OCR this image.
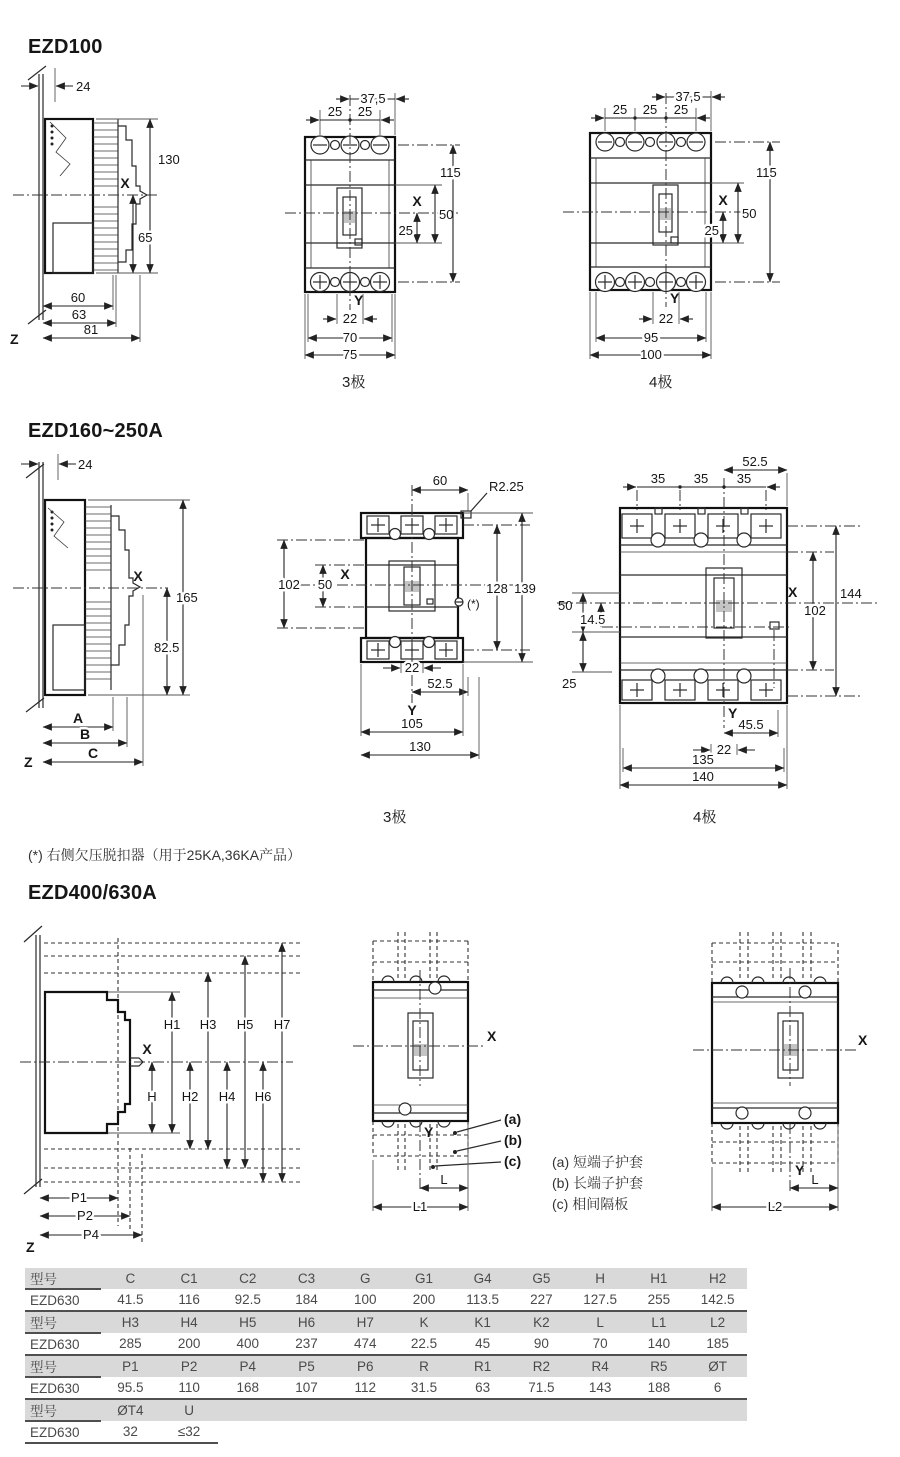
EZD100
X
24
130
65
60
63
81
Z
25 25
37,5
50
25
X
115
Y
22
70
75
3极
25 25 25
37,5
50
25
X
115
Y
22
95
100
4极
EZD160~250A
X
24
165
82.5
A
B
C
Z
X
60	R2.25
102 50	128 139
(*)
22
52.5
Y
105
130
3极
52.5
35 35 35
50
14.5
25
X
102
144
Y
45.5
22
135
140
4极
(*) 右侧欠压脱扣器（用于25KA,36KA产品）
EZD400/630A
X
H1 H3 H5 H7
H H2 H4 H6
P1
P2
P4
Z
X
Y
(a)
(b)
(c)
L
L1
(a) 短端子护套
(b) 长端子护套
(c) 相间隔板
X
Y
L
L2
型号	C	C1	C2	C3	G	G1	G4	G5	H	H1	H2
EZD630	41.5	116	92.5	184	100	200	113.5	227	127.5	255	142.5
型号	H3	H4	H5	H6	H7	K	K1	K2	L	L1	L2
EZD630	285	200	400	237	474	22.5	45	90	70	140	185
型号	P1	P2	P4	P5	P6	R	R1	R2	R4	R5	ØT
EZD630	95.5	110	168	107	112	31.5	63	71.5	143	188	6
型号	ØT4	U									
EZD630	32	≤32									
